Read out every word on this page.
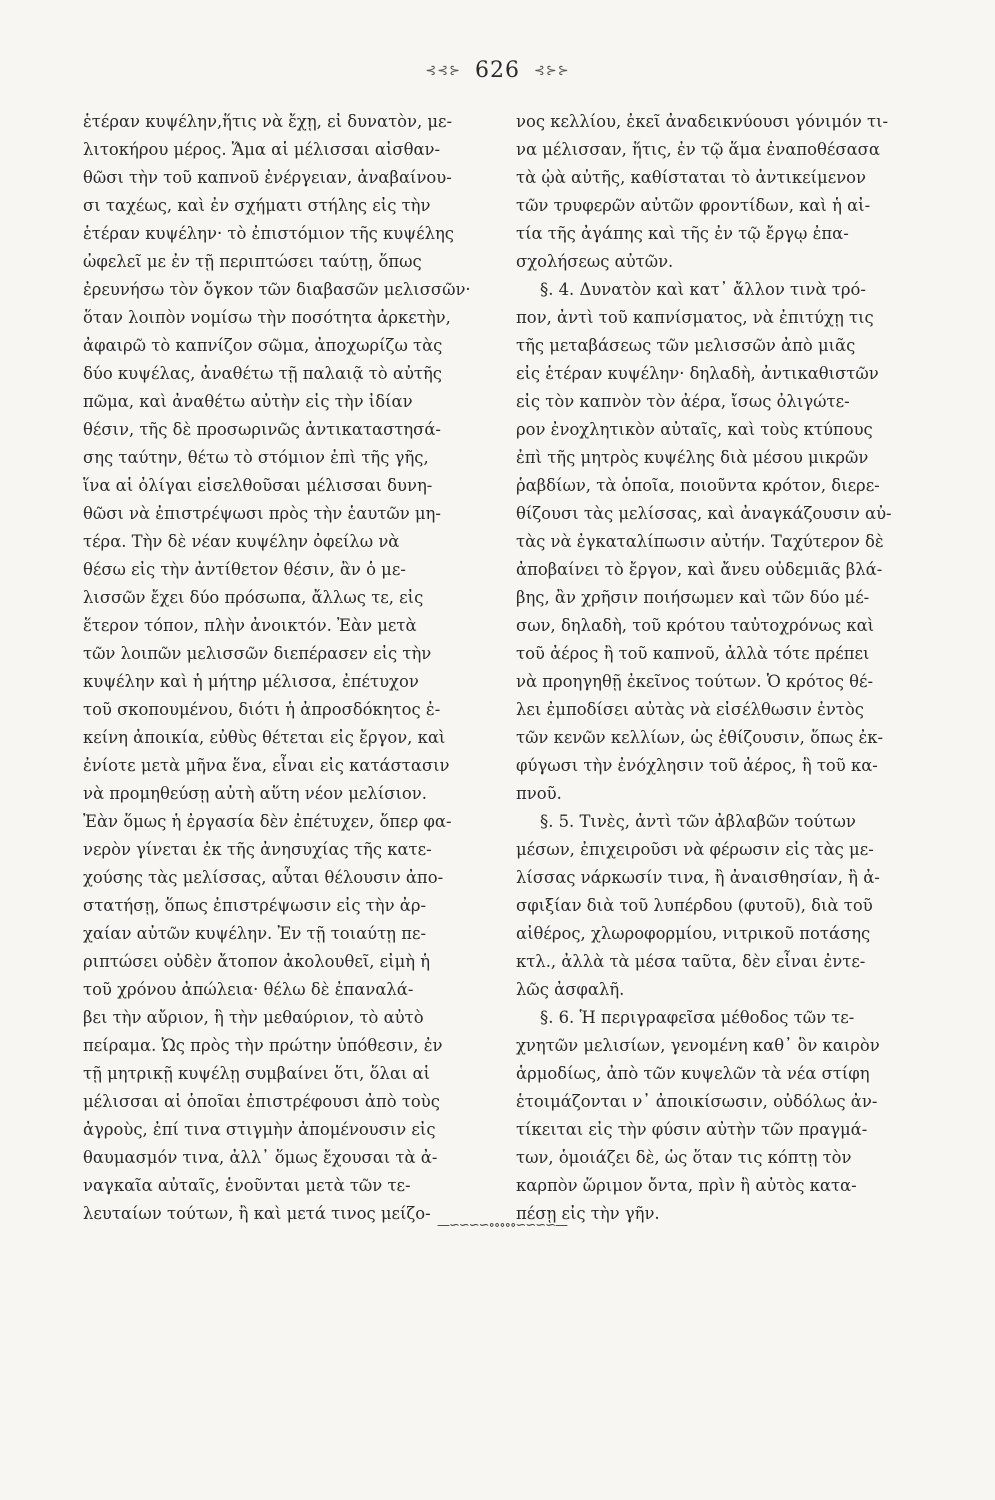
⊰⊰⊱ 626 ⊰⊱⊱
ἑτέραν κυψέλην,ἥτις νὰ ἔχῃ, εἰ δυνατὸν, με-
λιτοκήρου μέρος. Ἅμα αἱ μέλισσαι αἰσθαν-
θῶσι τὴν τοῦ καπνοῦ ἐνέργειαν, ἀναβαίνου-
σι ταχέως, καὶ ἐν σχήματι στήλης εἰς τὴν
ἑτέραν κυψέλην· τὸ ἐπιστόμιον τῆς κυψέλης
ὠφελεῖ με ἐν τῇ περιπτώσει ταύτῃ, ὅπως
ἐρευνήσω τὸν ὄγκον τῶν διαβασῶν μελισσῶν·
ὅταν λοιπὸν νομίσω τὴν ποσότητα ἀρκετὴν,
ἀφαιρῶ τὸ καπνίζον σῶμα, ἀποχωρίζω τὰς
δύο κυψέλας, ἀναθέτω τῇ παλαιᾷ τὸ αὐτῆς
πῶμα, καὶ ἀναθέτω αὐτὴν εἰς τὴν ἰδίαν
θέσιν, τῆς δὲ προσωρινῶς ἀντικαταστησά-
σης ταύτην, θέτω τὸ στόμιον ἐπὶ τῆς γῆς,
ἵνα αἱ ὀλίγαι εἰσελθοῦσαι μέλισσαι δυνη-
θῶσι νὰ ἐπιστρέψωσι πρὸς τὴν ἑαυτῶν μη-
τέρα. Τὴν δὲ νέαν κυψέλην ὀφείλω νὰ
θέσω εἰς τὴν ἀντίθετον θέσιν, ἂν ὁ με-
λισσῶν ἔχει δύο πρόσωπα, ἄλλως τε, εἰς
ἕτερον τόπον, πλὴν ἀνοικτόν. Ἐὰν μετὰ
τῶν λοιπῶν μελισσῶν διεπέρασεν εἰς τὴν
κυψέλην καὶ ἡ μήτηρ μέλισσα, ἐπέτυχον
τοῦ σκοπουμένου, διότι ἡ ἀπροσδόκητος ἐ-
κείνη ἀποικία, εὐθὺς θέτεται εἰς ἔργον, καὶ
ἐνίοτε μετὰ μῆνα ἕνα, εἶναι εἰς κατάστασιν
νὰ προμηθεύσῃ αὐτὴ αὕτη νέον μελίσιον.
Ἐὰν ὅμως ἡ ἐργασία δὲν ἐπέτυχεν, ὅπερ φα-
νερὸν γίνεται ἐκ τῆς ἀνησυχίας τῆς κατε-
χούσης τὰς μελίσσας, αὗται θέλουσιν ἀπο-
στατήσῃ, ὅπως ἐπιστρέψωσιν εἰς τὴν ἀρ-
χαίαν αὐτῶν κυψέλην. Ἐν τῇ τοιαύτῃ πε-
ριπτώσει οὐδὲν ἄτοπον ἀκολουθεῖ, εἰμὴ ἡ
τοῦ χρόνου ἀπώλεια· θέλω δὲ ἐπαναλά-
βει τὴν αὔριον, ἢ τὴν μεθαύριον, τὸ αὐτὸ
πείραμα. Ὡς πρὸς τὴν πρώτην ὑπόθεσιν, ἐν
τῇ μητρικῇ κυψέλῃ συμβαίνει ὅτι, ὅλαι αἱ
μέλισσαι αἱ ὁποῖαι ἐπιστρέφουσι ἀπὸ τοὺς
ἀγροὺς, ἐπί τινα στιγμὴν ἀπομένουσιν εἰς
θαυμασμόν τινα, ἀλλ᾽ ὅμως ἔχουσαι τὰ ἀ-
ναγκαῖα αὐταῖς, ἑνοῦνται μετὰ τῶν τε-
λευταίων τούτων, ἢ καὶ μετά τινος μείζο-
νος κελλίου, ἐκεῖ ἀναδεικνύουσι γόνιμόν τι-
να μέλισσαν, ἥτις, ἐν τῷ ἅμα ἐναποθέσασα
τὰ ᾠὰ αὐτῆς, καθίσταται τὸ ἀντικείμενον
τῶν τρυφερῶν αὐτῶν φροντίδων, καὶ ἡ αἰ-
τία τῆς ἀγάπης καὶ τῆς ἐν τῷ ἔργῳ ἐπα-
σχολήσεως αὐτῶν.
§. 4. Δυνατὸν καὶ κατ᾽ ἄλλον τινὰ τρό-
πον, ἀντὶ τοῦ καπνίσματος, νὰ ἐπιτύχῃ τις
τῆς μεταβάσεως τῶν μελισσῶν ἀπὸ μιᾶς
εἰς ἑτέραν κυψέλην· δηλαδὴ, ἀντικαθιστῶν
εἰς τὸν καπνὸν τὸν ἀέρα, ἴσως ὀλιγώτε-
ρον ἐνοχλητικὸν αὐταῖς, καὶ τοὺς κτύπους
ἐπὶ τῆς μητρὸς κυψέλης διὰ μέσου μικρῶν
ῥαβδίων, τὰ ὁποῖα, ποιοῦντα κρότον, διερε-
θίζουσι τὰς μελίσσας, καὶ ἀναγκάζουσιν αὐ-
τὰς νὰ ἐγκαταλίπωσιν αὐτήν. Ταχύτερον δὲ
ἀποβαίνει τὸ ἔργον, καὶ ἄνευ οὐδεμιᾶς βλά-
βης, ἂν χρῆσιν ποιήσωμεν καὶ τῶν δύο μέ-
σων, δηλαδὴ, τοῦ κρότου ταὐτοχρόνως καὶ
τοῦ ἀέρος ἢ τοῦ καπνοῦ, ἀλλὰ τότε πρέπει
νὰ προηγηθῇ ἐκεῖνος τούτων. Ὁ κρότος θέ-
λει ἐμποδίσει αὐτὰς νὰ εἰσέλθωσιν ἐντὸς
τῶν κενῶν κελλίων, ὡς ἐθίζουσιν, ὅπως ἐκ-
φύγωσι τὴν ἐνόχλησιν τοῦ ἀέρος, ἢ τοῦ κα-
πνοῦ.
§. 5. Τινὲς, ἀντὶ τῶν ἀβλαβῶν τούτων
μέσων, ἐπιχειροῦσι νὰ φέρωσιν εἰς τὰς με-
λίσσας νάρκωσίν τινα, ἢ ἀναισθησίαν, ἢ ἀ-
σφιξίαν διὰ τοῦ λυπέρδου (φυτοῦ), διὰ τοῦ
αἰθέρος, χλωροφορμίου, νιτρικοῦ ποτάσης
κτλ., ἀλλὰ τὰ μέσα ταῦτα, δὲν εἶναι ἐντε-
λῶς ἀσφαλῆ.
§. 6. Ἡ περιγραφεῖσα μέθοδος τῶν τε-
χνητῶν μελισίων, γενομένη καθ᾽ ὃν καιρὸν
ἁρμοδίως, ἀπὸ τῶν κυψελῶν τὰ νέα στίφη
ἑτοιμάζονται ν᾽ ἀποικίσωσιν, οὐδόλως ἀν-
τίκειται εἰς τὴν φύσιν αὐτὴν τῶν πραγμά-
των, ὁμοιάζει δὲ, ὡς ὅταν τις κόπτῃ τὸν
καρπὸν ὥριμον ὄντα, πρὶν ἢ αὐτὸς κατα-
πέσῃ εἰς τὴν γῆν.
—∽∽∽∽∘∘∘∘∘∽∽∽∽—
